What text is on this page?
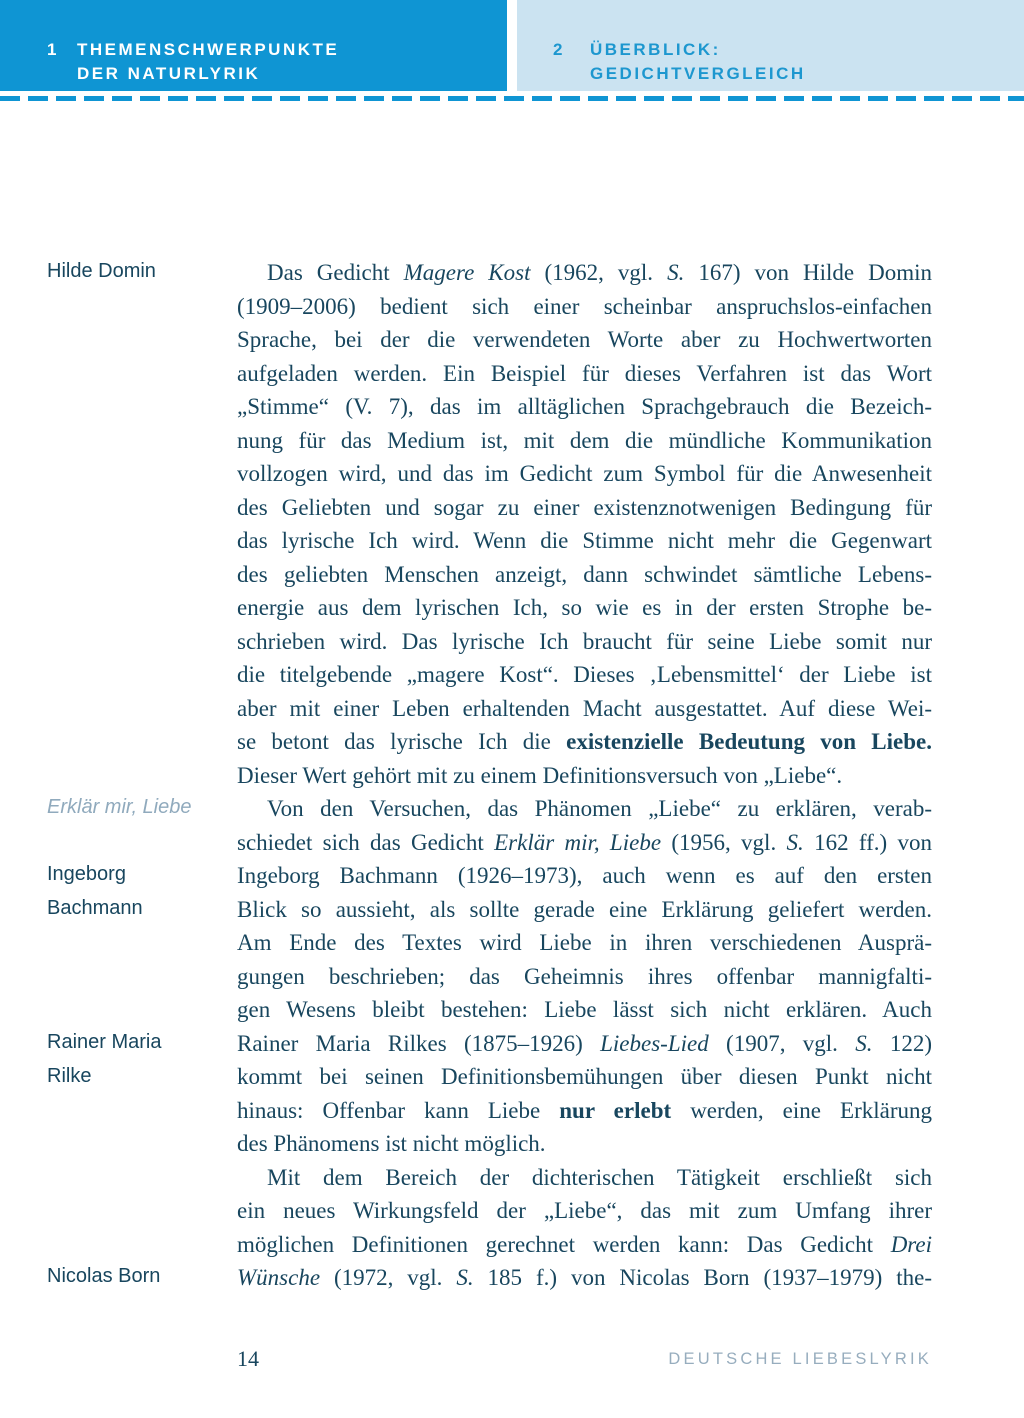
1	THEMENSCHWERPUNKTE
DER NATURLYRIK
2	ÜBERBLICK:
GEDICHTVERGLEICH
Hilde Domin
Erklär mir, Liebe
Ingeborg
Bachmann
Rainer Maria
Rilke
Nicolas Born
Das Gedicht Magere Kost (1962, vgl. S. 167) von Hilde Domin
(1909–2006) bedient sich einer scheinbar anspruchslos-einfachen
Sprache, bei der die verwendeten Worte aber zu Hochwertworten
aufgeladen werden. Ein Beispiel für dieses Verfahren ist das Wort
„Stimme“ (V. 7), das im alltäglichen Sprachgebrauch die Bezeich-
nung für das Medium ist, mit dem die mündliche Kommunikation
vollzogen wird, und das im Gedicht zum Symbol für die Anwesenheit
des Geliebten und sogar zu einer existenznotwenigen Bedingung für
das lyrische Ich wird. Wenn die Stimme nicht mehr die Gegenwart
des geliebten Menschen anzeigt, dann schwindet sämtliche Lebens-
energie aus dem lyrischen Ich, so wie es in der ersten Strophe be-
schrieben wird. Das lyrische Ich braucht für seine Liebe somit nur
die titelgebende „magere Kost“. Dieses ‚Lebensmittel‘ der Liebe ist
aber mit einer Leben erhaltenden Macht ausgestattet. Auf diese Wei-
se betont das lyrische Ich die existenzielle Bedeutung von Liebe.
Dieser Wert gehört mit zu einem Definitionsversuch von „Liebe“.
Von den Versuchen, das Phänomen „Liebe“ zu erklären, verab-
schiedet sich das Gedicht Erklär mir, Liebe (1956, vgl. S. 162 ff.) von
Ingeborg Bachmann (1926–1973), auch wenn es auf den ersten
Blick so aussieht, als sollte gerade eine Erklärung geliefert werden.
Am Ende des Textes wird Liebe in ihren verschiedenen Ausprä-
gungen beschrieben; das Geheimnis ihres offenbar mannigfalti-
gen Wesens bleibt bestehen: Liebe lässt sich nicht erklären. Auch
Rainer Maria Rilkes (1875–1926) Liebes-Lied (1907, vgl. S. 122)
kommt bei seinen Definitionsbemühungen über diesen Punkt nicht
hinaus: Offenbar kann Liebe nur erlebt werden, eine Erklärung
des Phänomens ist nicht möglich.
Mit dem Bereich der dichterischen Tätigkeit erschließt sich
ein neues Wirkungsfeld der „Liebe“, das mit zum Umfang ihrer
möglichen Definitionen gerechnet werden kann: Das Gedicht Drei
Wünsche (1972, vgl. S. 185 f.) von Nicolas Born (1937–1979) the-
14	DEUTSCHE LIEBESLYRIK
